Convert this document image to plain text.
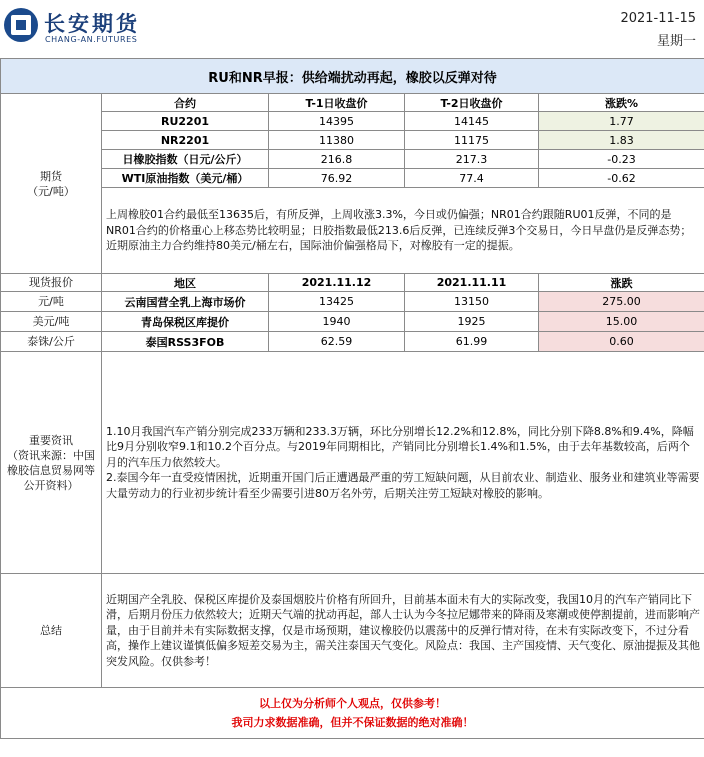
长安期货
CHANG-AN.FUTURES
2021-11-15
星期一
RU和NR早报：供给端扰动再起，橡胶以反弹对待				
期货
（元/吨）	合约	T-1日收盘价	T-2日收盘价	涨跌%
	RU2201	14395	14145	1.77
	NR2201	11380	11175	1.83
	日橡胶指数（日元/公斤）	216.8	217.3	-0.23
	WTI原油指数（美元/桶）	76.92	77.4	-0.62
	上周橡胶01合约最低至13635后，有所反弹，上周收涨3.3%，今日或仍偏强；NR01合约跟随RU01反弹，不同的是NR01合约的价格重心上移态势比较明显；日胶指数最低213.6后反弹，已连续反弹3个交易日，今日早盘仍是反弹态势；近期原油主力合约维持80美元/桶左右，国际油价偏强格局下，对橡胶有一定的提振。			
现货报价	地区	2021.11.12	2021.11.11	涨跌
元/吨	云南国营全乳上海市场价	13425	13150	275.00
美元/吨	青岛保税区库提价	1940	1925	15.00
泰铢/公斤	泰国RSS3FOB	62.59	61.99	0.60
重要资讯
（资讯来源：中国橡胶信息贸易网等公开资料）	1.10月我国汽车产销分别完成233万辆和233.3万辆，环比分别增长12.2%和12.8%，同比分别下降8.8%和9.4%，降幅比9月分别收窄9.1和10.2个百分点。与2019年同期相比，产销同比分别增长1.4%和1.5%，由于去年基数较高，后两个月的汽车压力依然较大。
2.泰国今年一直受疫情困扰，近期重开国门后正遭遇最严重的劳工短缺问题，从目前农业、制造业、服务业和建筑业等需要大量劳动力的行业初步统计看至少需要引进80万名外劳，后期关注劳工短缺对橡胶的影响。			
总结	近期国产全乳胶、保税区库提价及泰国烟胶片价格有所回升，目前基本面未有大的实际改变，我国10月的汽车产销同比下滑，后期月份压力依然较大；近期天气端的扰动再起，部人士认为今冬拉尼娜带来的降雨及寒潮或使停割提前，进而影响产量，由于目前并未有实际数据支撑，仅是市场预期，建议橡胶仍以震荡中的反弹行情对待，在未有实际改变下，不过分看高，操作上建议谨慎低偏多短差交易为主，需关注泰国天气变化。风险点：我国、主产国疫情、天气变化、原油提振及其他突发风险。仅供参考！			

以上仅为分析师个人观点，仅供参考！
我司力求数据准确，但并不保证数据的绝对准确！				
